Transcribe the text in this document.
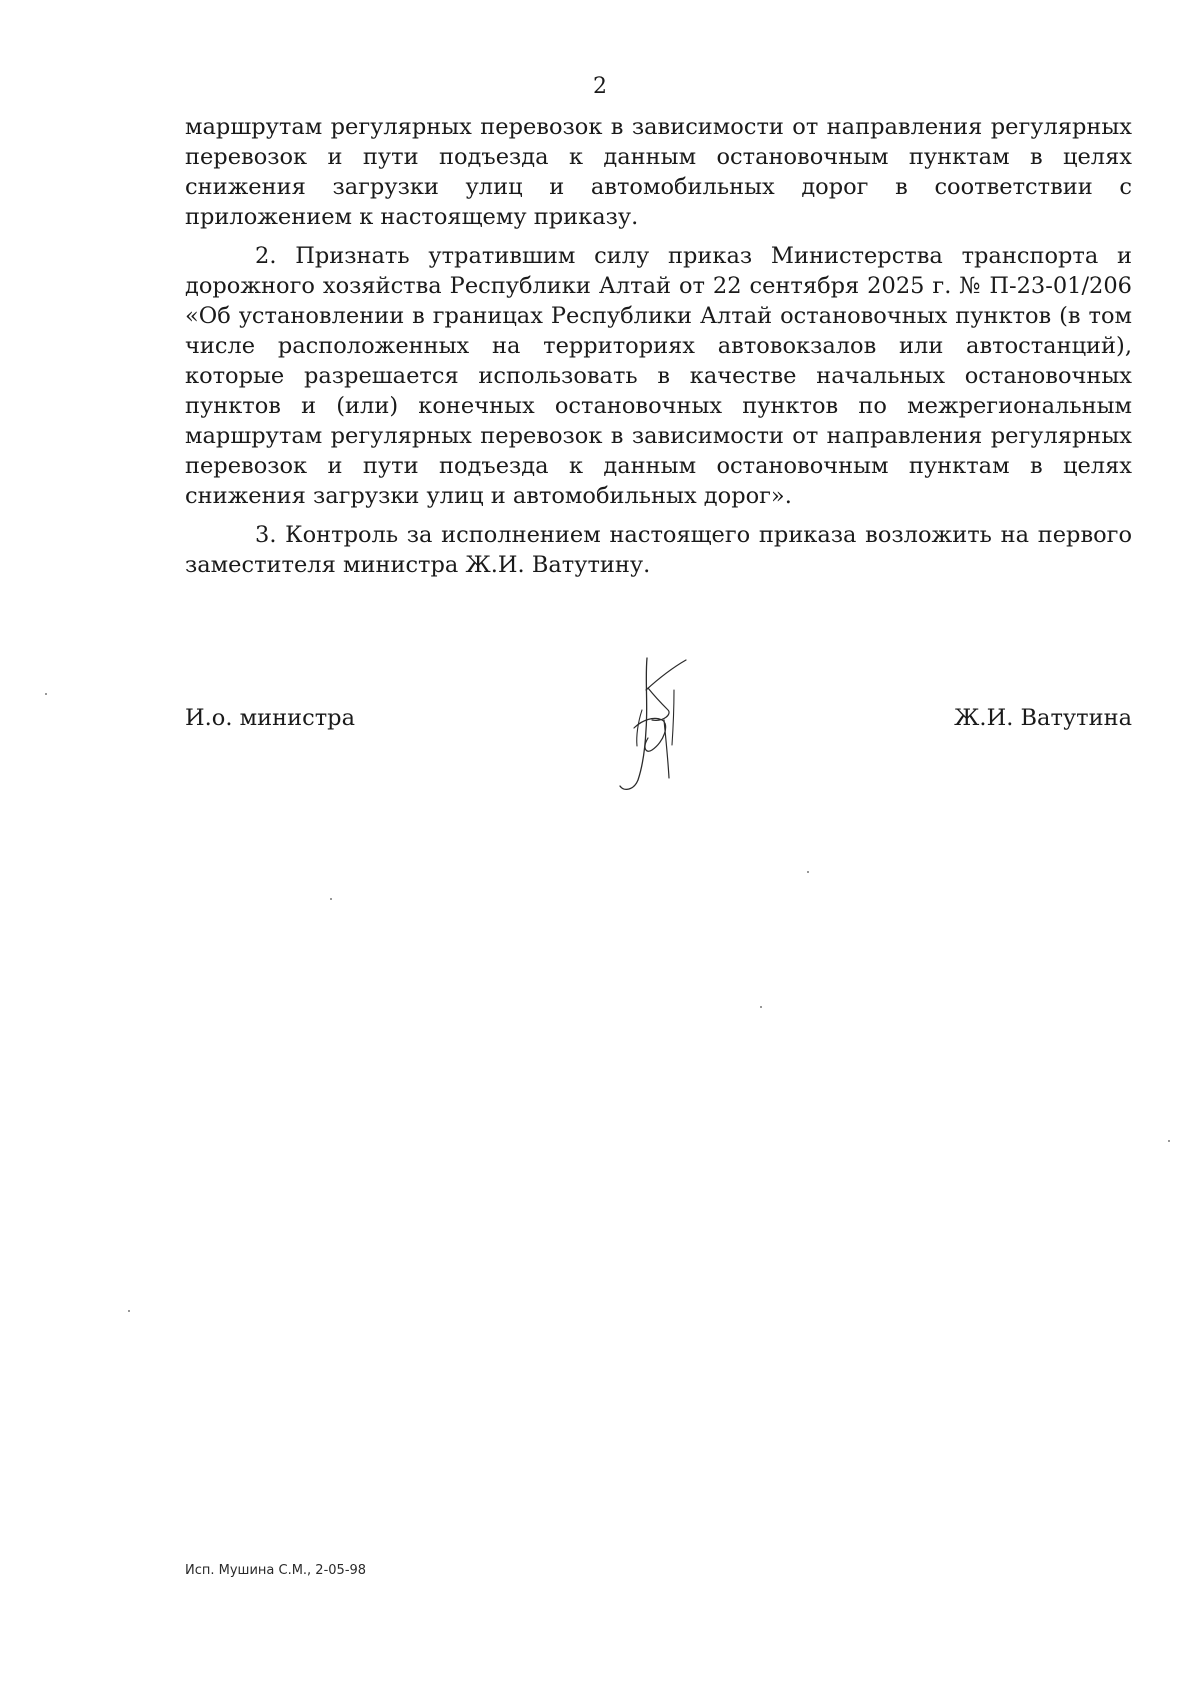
2

маршрутам регулярных перевозок в зависимости от направления регулярных перевозок и пути подъезда к данным остановочным пунктам в целях снижения загрузки улиц и автомобильных дорог в соответствии с приложением к настоящему приказу.

2. Признать утратившим силу приказ Министерства транспорта и дорожного хозяйства Республики Алтай от 22 сентября 2025 г. № П-23-01/206 «Об установлении в границах Республики Алтай остановочных пунктов (в том числе расположенных на территориях автовокзалов или автостанций), которые разрешается использовать в качестве начальных остановочных пунктов и (или) конечных остановочных пунктов по межрегиональным маршрутам регулярных перевозок в зависимости от направления регулярных перевозок и пути подъезда к данным остановочным пунктам в целях снижения загрузки улиц и автомобильных дорог».

3. Контроль за исполнением настоящего приказа возложить на первого заместителя министра Ж.И. Ватутину.

И.о. министра	Ж.И. Ватутина
Исп. Мушина С.М., 2-05-98
